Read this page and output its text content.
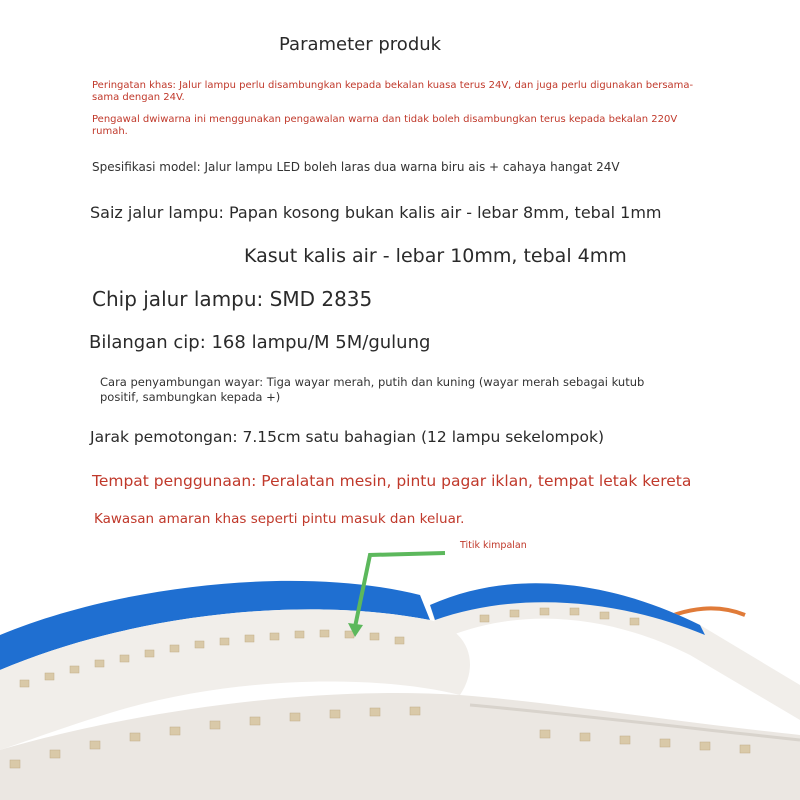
Parameter produk
Peringatan khas: Jalur lampu perlu disambungkan kepada bekalan kuasa terus 24V, dan juga perlu digunakan bersama-sama dengan 24V.
Pengawal dwiwarna ini menggunakan pengawalan warna dan tidak boleh disambungkan terus kepada bekalan 220V rumah.
Spesifikasi model: Jalur lampu LED boleh laras dua warna biru ais + cahaya hangat 24V
Saiz jalur lampu: Papan kosong bukan kalis air - lebar 8mm, tebal 1mm
Kasut kalis air - lebar 10mm, tebal 4mm
Chip jalur lampu: SMD 2835
Bilangan cip: 168 lampu/M 5M/gulung
Cara penyambungan wayar: Tiga wayar merah, putih dan kuning (wayar merah sebagai kutub positif, sambungkan kepada +)
Jarak pemotongan: 7.15cm satu bahagian (12 lampu sekelompok)
Tempat penggunaan: Peralatan mesin, pintu pagar iklan, tempat letak kereta
Kawasan amaran khas seperti pintu masuk dan keluar.
Titik kimpalan
